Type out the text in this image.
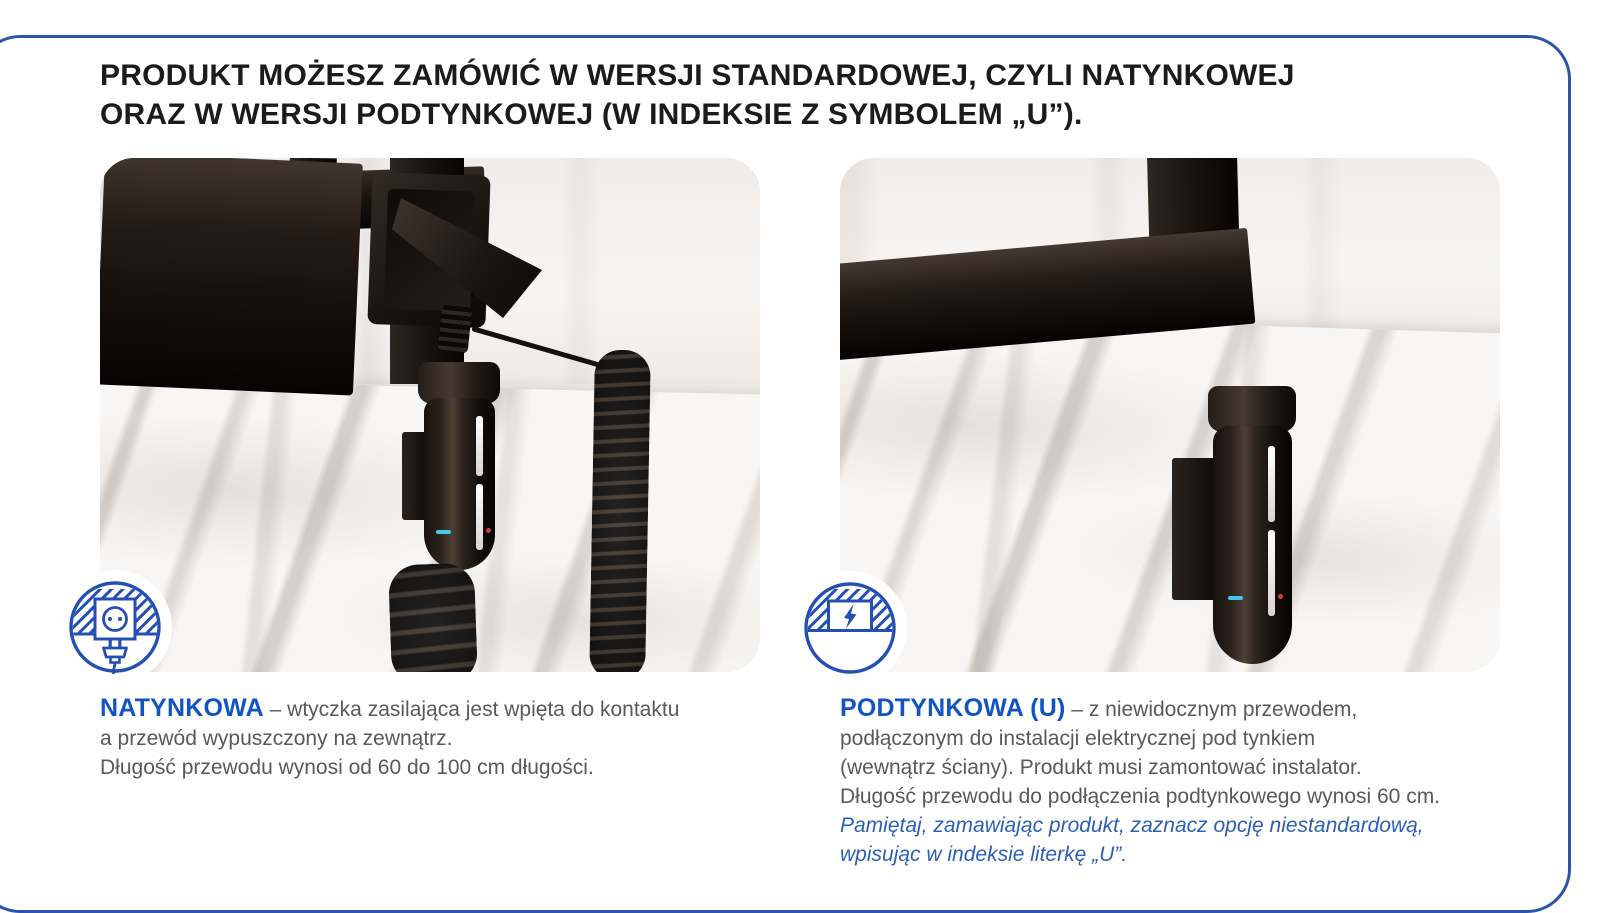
PRODUKT MOŻESZ ZAMÓWIĆ W WERSJI STANDARDOWEJ, CZYLI NATYNKOWEJ
ORAZ W WERSJI PODTYNKOWEJ (W INDEKSIE Z SYMBOLEM „U”).
NATYNKOWA – wtyczka zasilająca jest wpięta do kontaktu
a przewód wypuszczony na zewnątrz.
Długość przewodu wynosi od 60 do 100 cm długości.
PODTYNKOWA (U) – z niewidocznym przewodem,
podłączonym do instalacji elektrycznej pod tynkiem
(wewnątrz ściany). Produkt musi zamontować instalator.
Długość przewodu do podłączenia podtynkowego wynosi 60 cm.
Pamiętaj, zamawiając produkt, zaznacz opcję niestandardową,
wpisując w indeksie literkę „U”.
